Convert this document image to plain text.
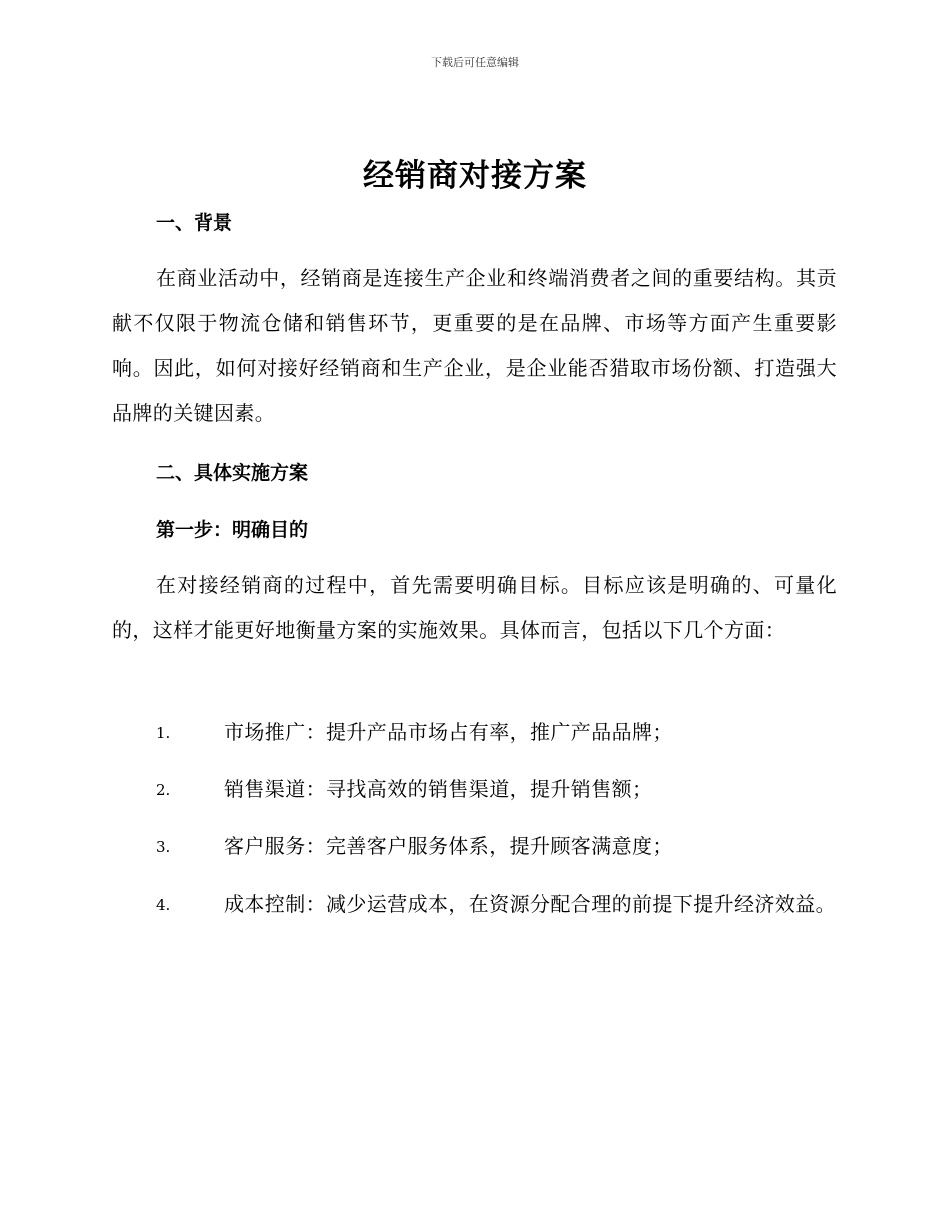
下载后可任意编辑
经销商对接方案
一、背景

在商业活动中，经销商是连接生产企业和终端消费者之间的重要结构。其贡献不仅限于物流仓储和销售环节，更重要的是在品牌、市场等方面产生重要影响。因此，如何对接好经销商和生产企业，是企业能否猎取市场份额、打造强大品牌的关键因素。

二、具体实施方案
第一步：明确目的

在对接经销商的过程中，首先需要明确目标。目标应该是明确的、可量化的，这样才能更好地衡量方案的实施效果。具体而言，包括以下几个方面：

1.	市场推广：提升产品市场占有率，推广产品品牌；
2.	销售渠道：寻找高效的销售渠道，提升销售额；
3.	客户服务：完善客户服务体系，提升顾客满意度；
4.	成本控制：减少运营成本，在资源分配合理的前提下提升经济效益。
